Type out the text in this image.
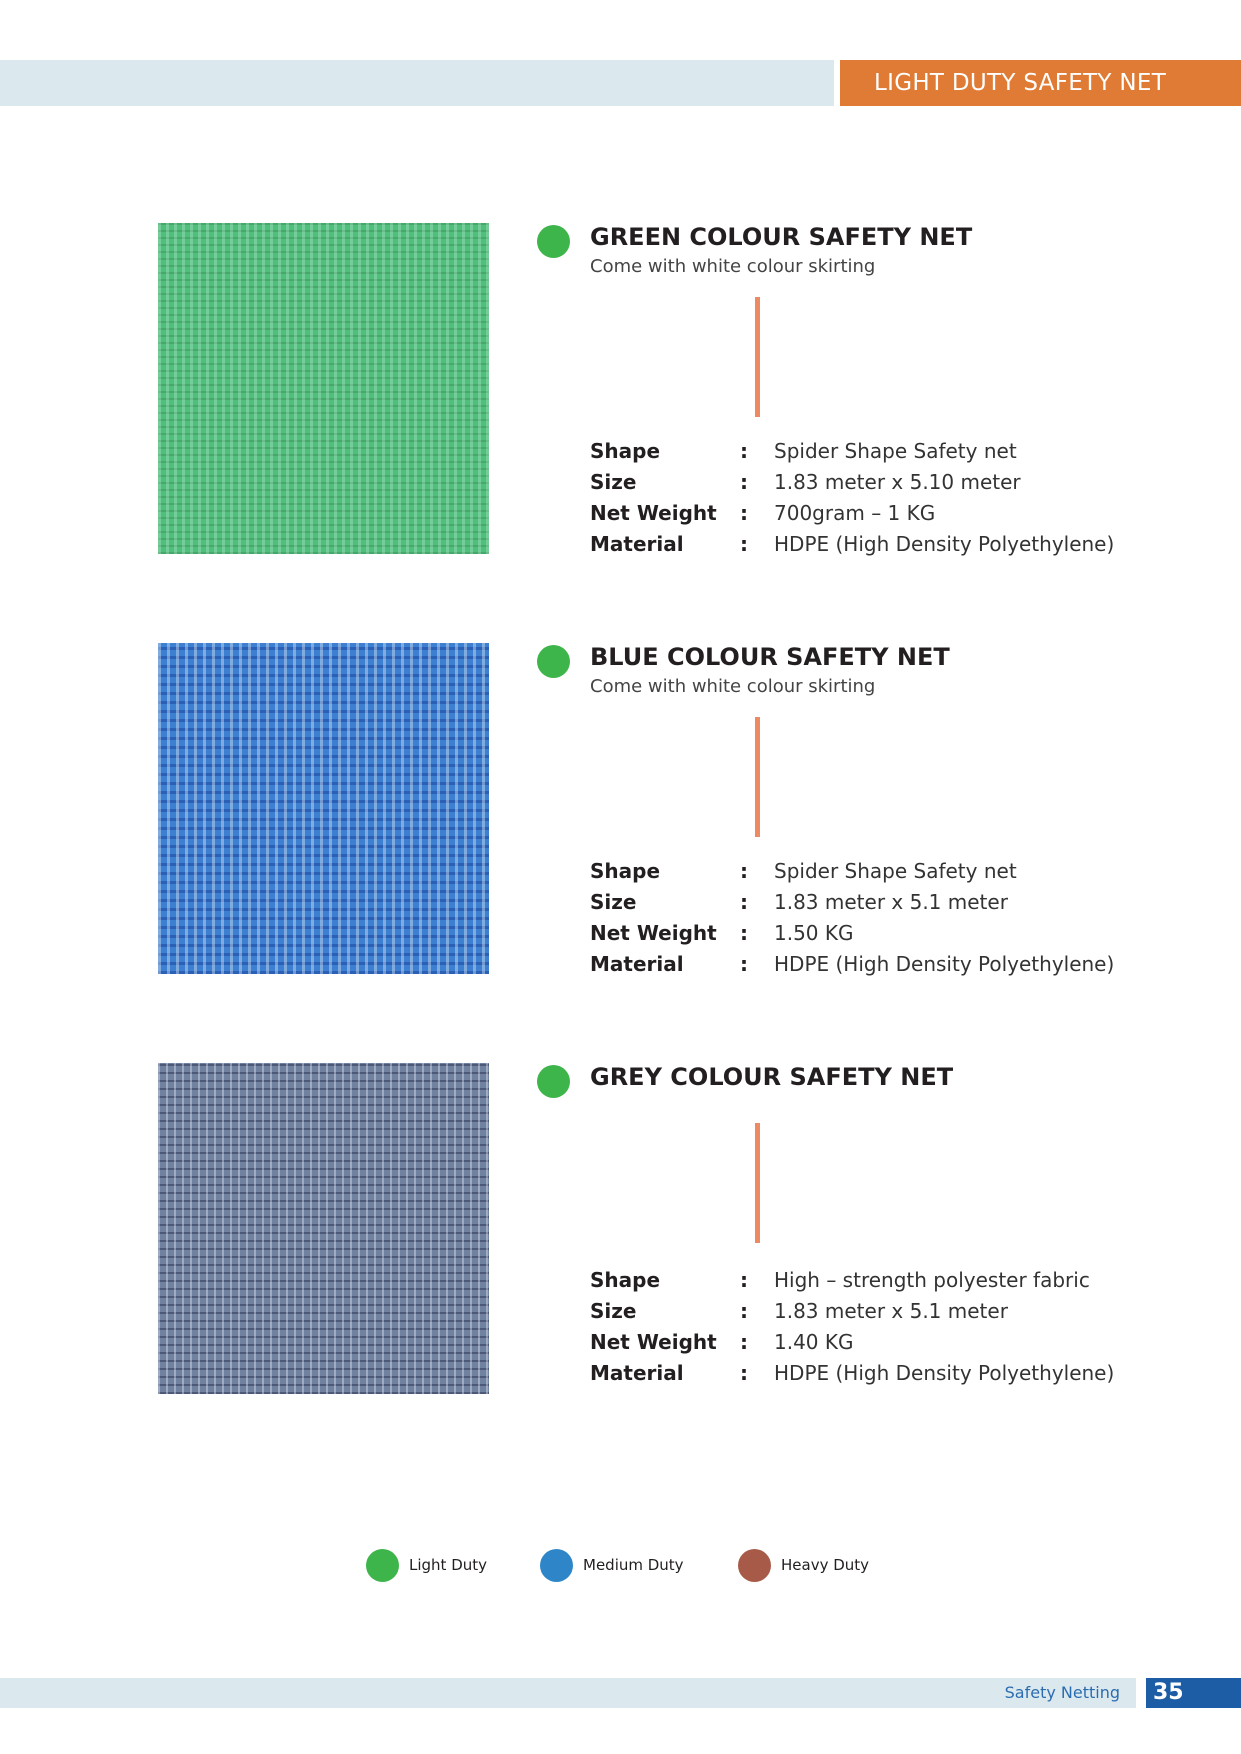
LIGHT DUTY SAFETY NET
GREEN COLOUR SAFETY NET
Come with white colour skirting
Shape	:	Spider Shape Safety net
Size	:	1.83 meter x 5.10 meter
Net Weight	:	700gram – 1 KG
Material	:	HDPE (High Density Polyethylene)
BLUE COLOUR SAFETY NET
Come with white colour skirting
Shape	:	Spider Shape Safety net
Size	:	1.83 meter x 5.1 meter
Net Weight	:	1.50 KG
Material	:	HDPE (High Density Polyethylene)
GREY COLOUR SAFETY NET
Shape	:	High – strength polyester fabric
Size	:	1.83 meter x 5.1 meter
Net Weight	:	1.40 KG
Material	:	HDPE (High Density Polyethylene)
Light Duty	Medium Duty	Heavy Duty
Safety Netting	35
